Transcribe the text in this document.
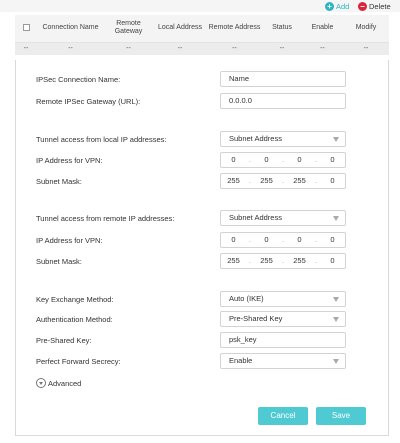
+ Add − Delete
	Connection Name	Remote Gateway	Local Address	Remote Address	Status	Enable	Modify
--	--	--	--	--	--	--	--
IPSec Connection Name:	Name
Remote IPSec Gateway (URL):	0.0.0.0
Tunnel access from local IP addresses:	Subnet Address
IP Address for VPN:	0	.	0	.	0	.	0
Subnet Mask:	255	.	255	.	255	.	0
Tunnel access from remote IP addresses:	Subnet Address
IP Address for VPN:	0	.	0	.	0	.	0
Subnet Mask:	255	.	255	.	255	.	0
Key Exchange Method:	Auto (IKE)
Authentication Method:	Pre-Shared Key
Pre-Shared Key:	psk_key
Perfect Forward Secrecy:	Enable
Advanced
Cancel	Save
